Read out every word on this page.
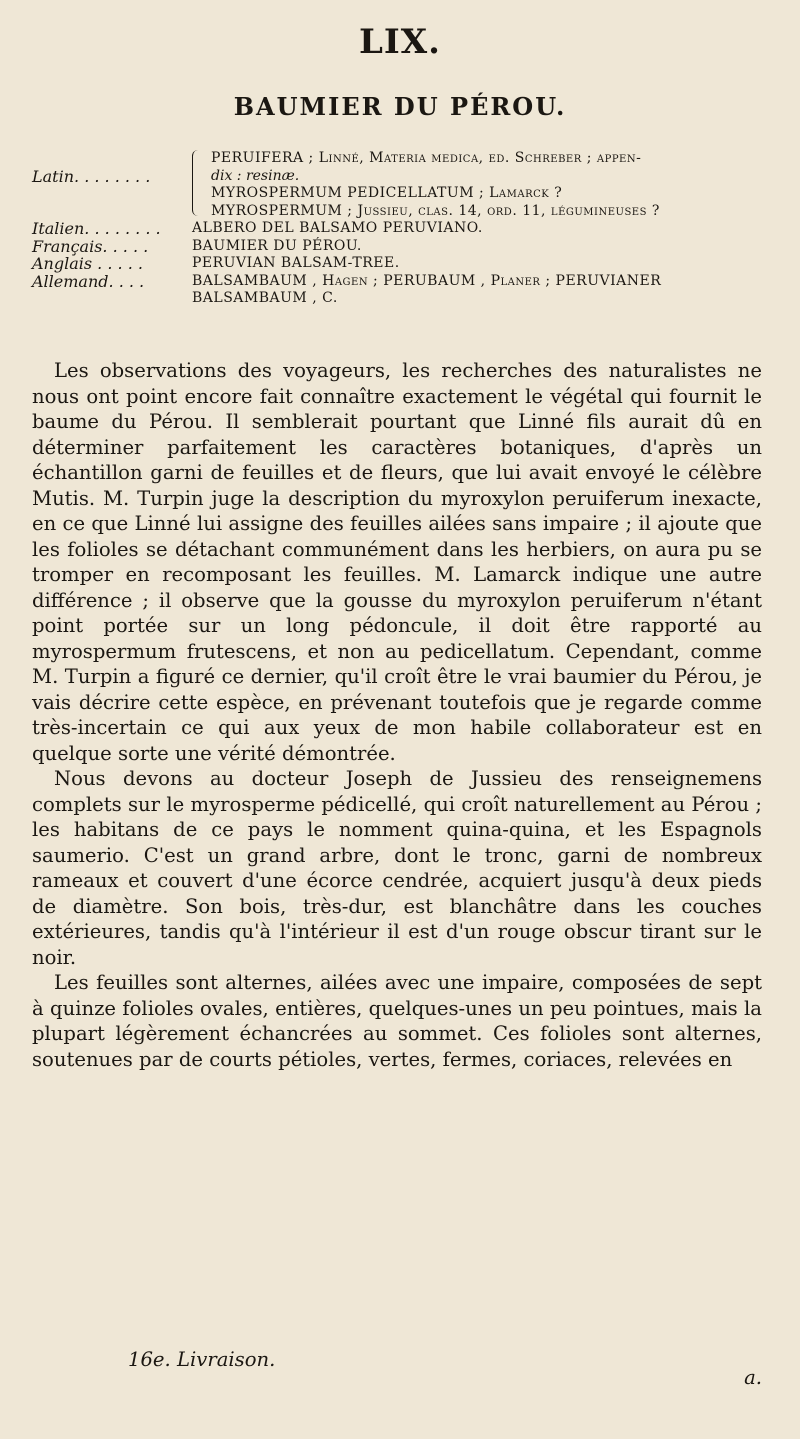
LIX.
BAUMIER DU PÉROU.
Latin. . . . . . . .
PERUIFERA ; Linné, Materia medica, ed. Schreber ; appen-
dix : resinæ.
MYROSPERMUM PEDICELLATUM ; Lamarck ?
MYROSPERMUM ; Jussieu, clas. 14, ord. 11, légumineuses ?
Italien. . . . . . . .	ALBERO DEL BALSAMO PERUVIANO.
Français. . . . .	BAUMIER DU PÉROU.
Anglais . . . . .	PERUVIAN BALSAM-TREE.
Allemand. . . .	BALSAMBAUM , Hagen ; PERUBAUM , Planer ; PERUVIANER
BALSAMBAUM , C.

Les observations des voyageurs, les recherches des naturalistes ne nous ont point encore fait connaître exactement le végétal qui fournit le baume du Pérou. Il semblerait pourtant que Linné fils aurait dû en déterminer parfaitement les caractères botaniques, d'après un échantillon garni de feuilles et de fleurs, que lui avait envoyé le célèbre Mutis. M. Turpin juge la description du myroxylon peruiferum inexacte, en ce que Linné lui assigne des feuilles ailées sans impaire ; il ajoute que les folioles se détachant communément dans les herbiers, on aura pu se tromper en recomposant les feuilles. M. Lamarck indique une autre différence ; il observe que la gousse du myroxylon peruiferum n'étant point portée sur un long pédoncule, il doit être rapporté au myrospermum frutescens, et non au pedicellatum. Cependant, comme M. Turpin a figuré ce dernier, qu'il croît être le vrai baumier du Pérou, je vais décrire cette espèce, en prévenant toutefois que je regarde comme très-incertain ce qui aux yeux de mon habile collaborateur est en quelque sorte une vérité démontrée.

Nous devons au docteur Joseph de Jussieu des renseignemens complets sur le myrosperme pédicellé, qui croît naturellement au Pérou ; les habitans de ce pays le nomment quina-quina, et les Espagnols saumerio. C'est un grand arbre, dont le tronc, garni de nombreux rameaux et couvert d'une écorce cendrée, acquiert jusqu'à deux pieds de diamètre. Son bois, très-dur, est blanchâtre dans les couches extérieures, tandis qu'à l'intérieur il est d'un rouge obscur tirant sur le noir.

Les feuilles sont alternes, ailées avec une impaire, composées de sept à quinze folioles ovales, entières, quelques-unes un peu pointues, mais la plupart légèrement échancrées au sommet. Ces folioles sont alternes, soutenues par de courts pétioles, vertes, fermes, coriaces, relevées en

16e. Livraison.
a.
